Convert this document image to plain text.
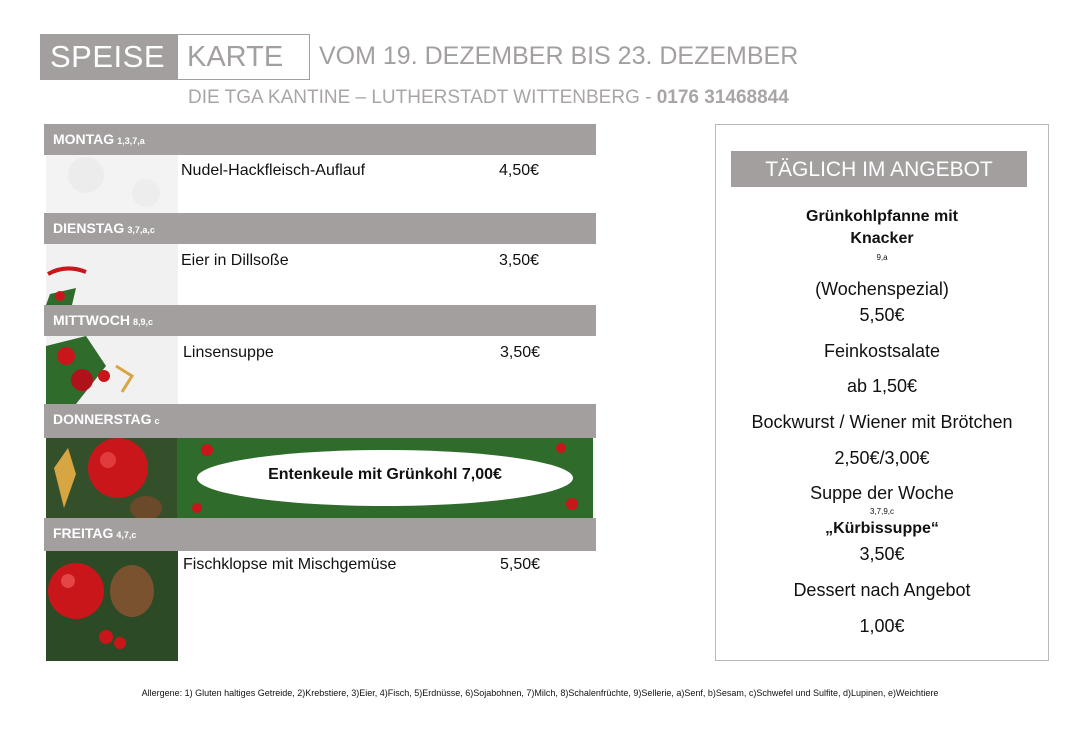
SPEISE KARTE	VOM 19. DEZEMBER BIS 23. DEZEMBER
DIE TGA KANTINE – LUTHERSTADT WITTENBERG - 0176 31468844
MONTAG 1,3,7,a
Nudel-Hackfleisch-Auflauf	4,50€
DIENSTAG 3,7,a,c
Eier in Dillsoße	3,50€
MITTWOCH 8,9,c
Linsensuppe	3,50€
DONNERSTAG c
Entenkeule mit Grünkohl 7,00€
FREITAG 4,7,c
Fischklopse mit Mischgemüse	5,50€
TÄGLICH IM ANGEBOT
Grünkohlpfanne mit
Knacker
9,a
(Wochenspezial)
5,50€
Feinkostsalate
ab 1,50€
Bockwurst / Wiener mit Brötchen
2,50€/3,00€
Suppe der Woche
3,7,9,c
„Kürbissuppe“
3,50€
Dessert nach Angebot
1,00€
Allergene: 1) Gluten haltiges Getreide, 2)Krebstiere, 3)Eier, 4)Fisch, 5)Erdnüsse, 6)Sojabohnen, 7)Milch, 8)Schalenfrüchte, 9)Sellerie, a)Senf, b)Sesam, c)Schwefel und Sulfite, d)Lupinen, e)Weichtiere
